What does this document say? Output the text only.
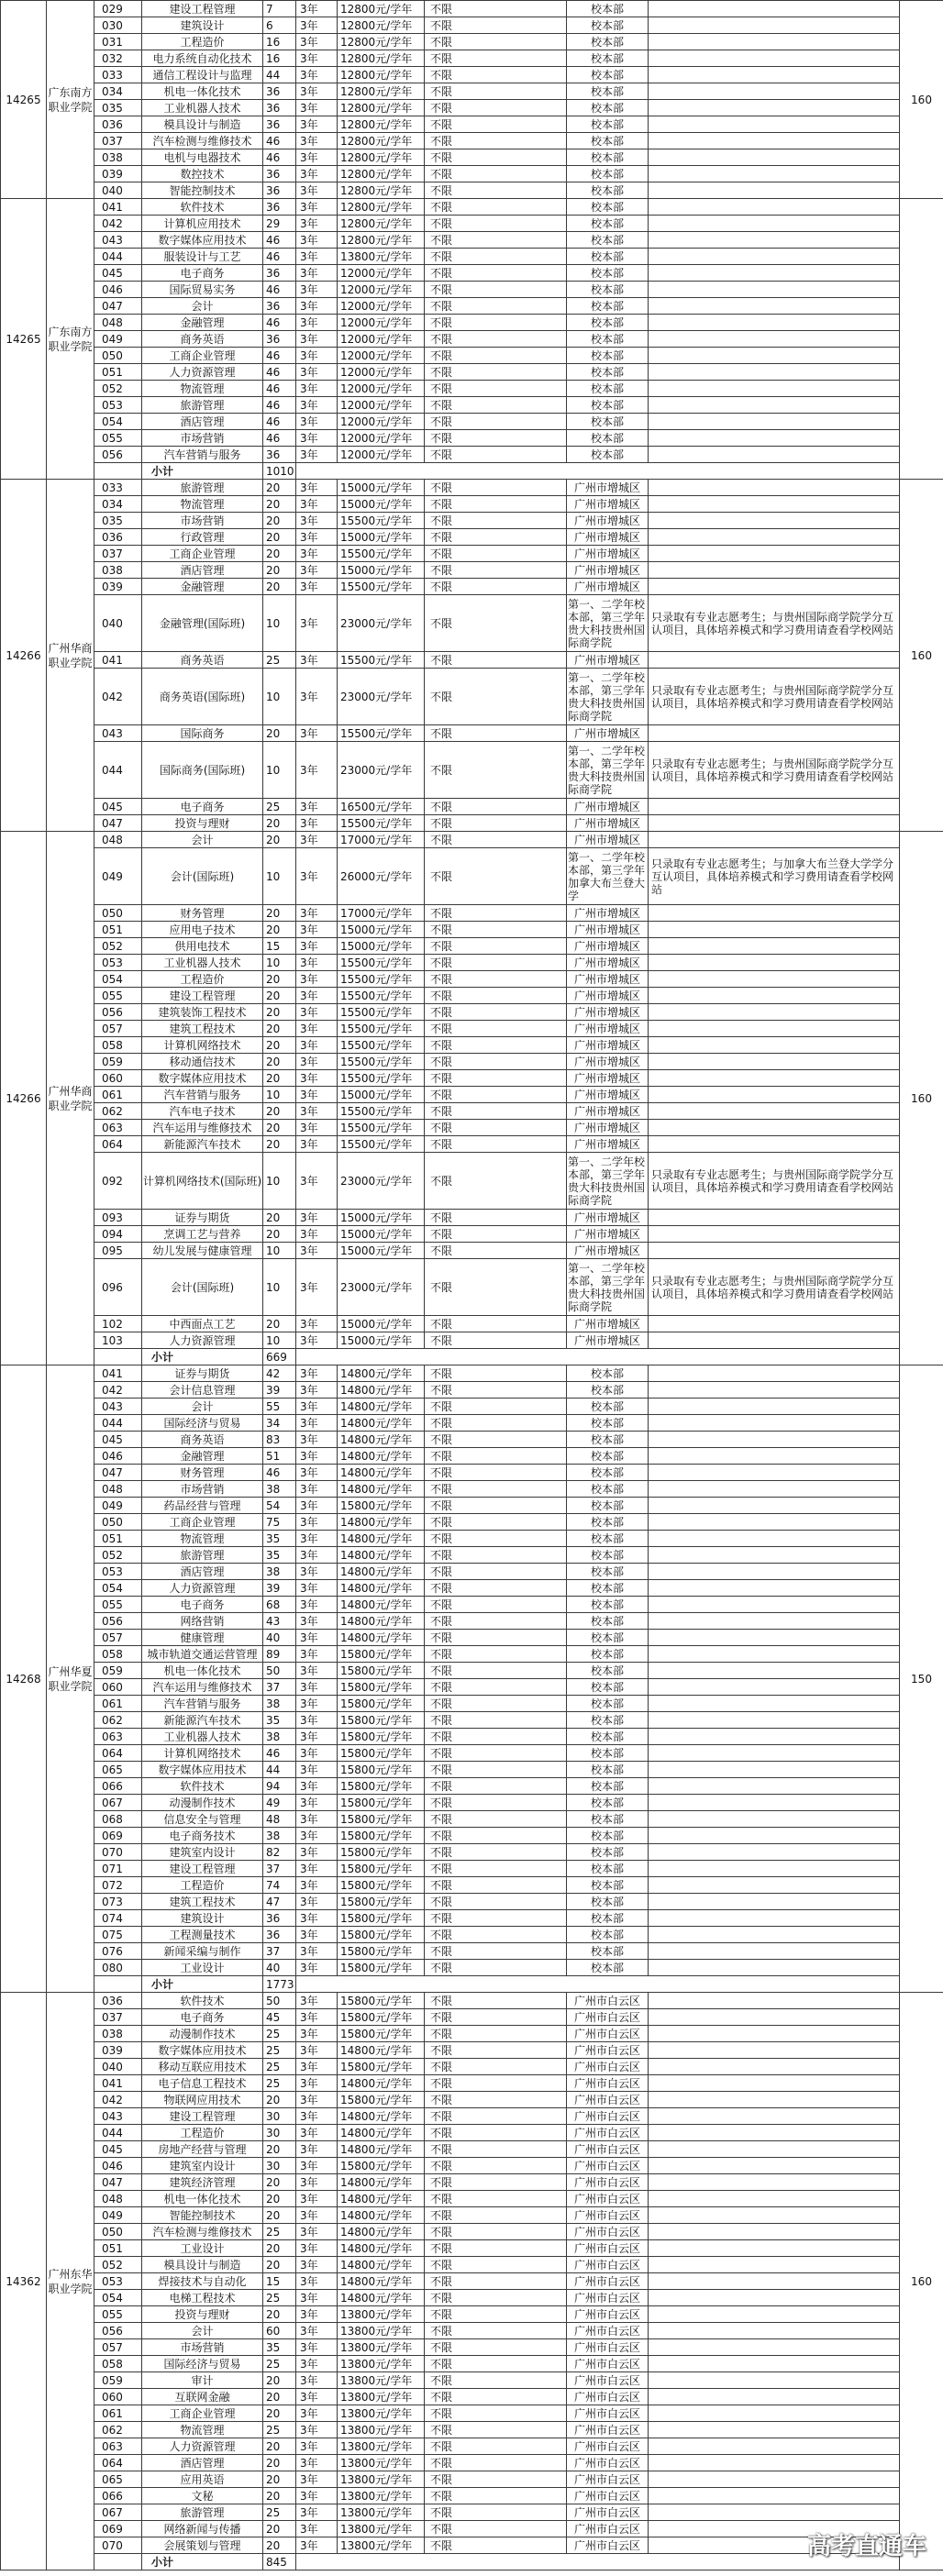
14265	广东南方职业学院	029	建设工程管理	7	3年	12800元/学年	不限	校本部		160
		030	建筑设计	6	3年	12800元/学年	不限	校本部		
		031	工程造价	16	3年	12800元/学年	不限	校本部		
		032	电力系统自动化技术	16	3年	12800元/学年	不限	校本部		
		033	通信工程设计与监理	44	3年	12800元/学年	不限	校本部		
		034	机电一体化技术	36	3年	12800元/学年	不限	校本部		
		035	工业机器人技术	36	3年	12800元/学年	不限	校本部		
		036	模具设计与制造	36	3年	12800元/学年	不限	校本部		
		037	汽车检测与维修技术	46	3年	12800元/学年	不限	校本部		
		038	电机与电器技术	46	3年	12800元/学年	不限	校本部		
		039	数控技术	36	3年	12800元/学年	不限	校本部		
		040	智能控制技术	36	3年	12800元/学年	不限	校本部		
14265	广东南方职业学院	041	软件技术	36	3年	12800元/学年	不限	校本部		
		042	计算机应用技术	29	3年	12800元/学年	不限	校本部		
		043	数字媒体应用技术	46	3年	12800元/学年	不限	校本部		
		044	服装设计与工艺	46	3年	13800元/学年	不限	校本部		
		045	电子商务	36	3年	12000元/学年	不限	校本部		
		046	国际贸易实务	46	3年	12000元/学年	不限	校本部		
		047	会计	36	3年	12000元/学年	不限	校本部		
		048	金融管理	46	3年	12000元/学年	不限	校本部		
		049	商务英语	36	3年	12000元/学年	不限	校本部		
		050	工商企业管理	46	3年	12000元/学年	不限	校本部		
		051	人力资源管理	46	3年	12000元/学年	不限	校本部		
		052	物流管理	46	3年	12000元/学年	不限	校本部		
		053	旅游管理	46	3年	12000元/学年	不限	校本部		
		054	酒店管理	46	3年	12000元/学年	不限	校本部		
		055	市场营销	46	3年	12000元/学年	不限	校本部		
		056	汽车营销与服务	36	3年	12000元/学年	不限	校本部		
			小计	1010						
14266	广州华商职业学院	033	旅游管理	20	3年	15000元/学年	不限	广州市增城区		160
		034	物流管理	20	3年	15000元/学年	不限	广州市增城区		
		035	市场营销	20	3年	15500元/学年	不限	广州市增城区		
		036	行政管理	20	3年	15000元/学年	不限	广州市增城区		
		037	工商企业管理	20	3年	15500元/学年	不限	广州市增城区		
		038	酒店管理	20	3年	15000元/学年	不限	广州市增城区		
		039	金融管理	20	3年	15500元/学年	不限	广州市增城区		
		040	金融管理(国际班)	10	3年	23000元/学年	不限	第一、二学年校本部，第三学年贵大科技贵州国际商学院	只录取有专业志愿考生；与贵州国际商学院学分互认项目，具体培养模式和学习费用请查看学校网站	
		041	商务英语	25	3年	15500元/学年	不限	广州市增城区		
		042	商务英语(国际班)	10	3年	23000元/学年	不限	第一、二学年校本部，第三学年贵大科技贵州国际商学院	只录取有专业志愿考生；与贵州国际商学院学分互认项目，具体培养模式和学习费用请查看学校网站	
		043	国际商务	20	3年	15500元/学年	不限	广州市增城区		
		044	国际商务(国际班)	10	3年	23000元/学年	不限	第一、二学年校本部，第三学年贵大科技贵州国际商学院	只录取有专业志愿考生；与贵州国际商学院学分互认项目，具体培养模式和学习费用请查看学校网站	
		045	电子商务	25	3年	16500元/学年	不限	广州市增城区		
		047	投资与理财	20	3年	15500元/学年	不限	广州市增城区		
14266	广州华商职业学院	048	会计	20	3年	17000元/学年	不限	广州市增城区		160
		049	会计(国际班)	10	3年	26000元/学年	不限	第一、二学年校本部，第三学年加拿大布兰登大学	只录取有专业志愿考生；与加拿大布兰登大学学分互认项目，具体培养模式和学习费用请查看学校网站	
		050	财务管理	20	3年	17000元/学年	不限	广州市增城区		
		051	应用电子技术	20	3年	15000元/学年	不限	广州市增城区		
		052	供用电技术	15	3年	15000元/学年	不限	广州市增城区		
		053	工业机器人技术	10	3年	15500元/学年	不限	广州市增城区		
		054	工程造价	20	3年	15500元/学年	不限	广州市增城区		
		055	建设工程管理	20	3年	15500元/学年	不限	广州市增城区		
		056	建筑装饰工程技术	20	3年	15500元/学年	不限	广州市增城区		
		057	建筑工程技术	20	3年	15500元/学年	不限	广州市增城区		
		058	计算机网络技术	20	3年	15500元/学年	不限	广州市增城区		
		059	移动通信技术	20	3年	15500元/学年	不限	广州市增城区		
		060	数字媒体应用技术	20	3年	15500元/学年	不限	广州市增城区		
		061	汽车营销与服务	10	3年	15000元/学年	不限	广州市增城区		
		062	汽车电子技术	20	3年	15500元/学年	不限	广州市增城区		
		063	汽车运用与维修技术	20	3年	15500元/学年	不限	广州市增城区		
		064	新能源汽车技术	20	3年	15500元/学年	不限	广州市增城区		
		092	计算机网络技术(国际班)	10	3年	23000元/学年	不限	第一、二学年校本部，第三学年贵大科技贵州国际商学院	只录取有专业志愿考生；与贵州国际商学院学分互认项目，具体培养模式和学习费用请查看学校网站	
		093	证券与期货	20	3年	15000元/学年	不限	广州市增城区		
		094	烹调工艺与营养	20	3年	15000元/学年	不限	广州市增城区		
		095	幼儿发展与健康管理	10	3年	15000元/学年	不限	广州市增城区		
		096	会计(国际班)	10	3年	23000元/学年	不限	第一、二学年校本部，第三学年贵大科技贵州国际商学院	只录取有专业志愿考生；与贵州国际商学院学分互认项目，具体培养模式和学习费用请查看学校网站	
		102	中西面点工艺	20	3年	15000元/学年	不限	广州市增城区		
		103	人力资源管理	10	3年	15000元/学年	不限	广州市增城区		
			小计	669						
14268	广州华夏职业学院	041	证券与期货	42	3年	14800元/学年	不限	校本部		150
		042	会计信息管理	39	3年	14800元/学年	不限	校本部		
		043	会计	55	3年	14800元/学年	不限	校本部		
		044	国际经济与贸易	34	3年	14800元/学年	不限	校本部		
		045	商务英语	83	3年	14800元/学年	不限	校本部		
		046	金融管理	51	3年	14800元/学年	不限	校本部		
		047	财务管理	46	3年	14800元/学年	不限	校本部		
		048	市场营销	38	3年	14800元/学年	不限	校本部		
		049	药品经营与管理	54	3年	15800元/学年	不限	校本部		
		050	工商企业管理	75	3年	14800元/学年	不限	校本部		
		051	物流管理	35	3年	14800元/学年	不限	校本部		
		052	旅游管理	35	3年	14800元/学年	不限	校本部		
		053	酒店管理	38	3年	14800元/学年	不限	校本部		
		054	人力资源管理	39	3年	14800元/学年	不限	校本部		
		055	电子商务	68	3年	14800元/学年	不限	校本部		
		056	网络营销	43	3年	14800元/学年	不限	校本部		
		057	健康管理	40	3年	14800元/学年	不限	校本部		
		058	城市轨道交通运营管理	89	3年	15800元/学年	不限	校本部		
		059	机电一体化技术	50	3年	15800元/学年	不限	校本部		
		060	汽车运用与维修技术	37	3年	15800元/学年	不限	校本部		
		061	汽车营销与服务	38	3年	15800元/学年	不限	校本部		
		062	新能源汽车技术	35	3年	15800元/学年	不限	校本部		
		063	工业机器人技术	38	3年	15800元/学年	不限	校本部		
		064	计算机网络技术	46	3年	15800元/学年	不限	校本部		
		065	数字媒体应用技术	44	3年	15800元/学年	不限	校本部		
		066	软件技术	94	3年	15800元/学年	不限	校本部		
		067	动漫制作技术	49	3年	15800元/学年	不限	校本部		
		068	信息安全与管理	48	3年	15800元/学年	不限	校本部		
		069	电子商务技术	38	3年	15800元/学年	不限	校本部		
		070	建筑室内设计	82	3年	15800元/学年	不限	校本部		
		071	建设工程管理	37	3年	15800元/学年	不限	校本部		
		072	工程造价	74	3年	15800元/学年	不限	校本部		
		073	建筑工程技术	47	3年	15800元/学年	不限	校本部		
		074	建筑设计	36	3年	15800元/学年	不限	校本部		
		075	工程测量技术	36	3年	15800元/学年	不限	校本部		
		076	新闻采编与制作	37	3年	15800元/学年	不限	校本部		
		080	工业设计	40	3年	15800元/学年	不限	校本部		
			小计	1773						
14362	广州东华职业学院	036	软件技术	50	3年	15800元/学年	不限	广州市白云区		160
		037	电子商务	45	3年	15800元/学年	不限	广州市白云区		
		038	动漫制作技术	25	3年	15800元/学年	不限	广州市白云区		
		039	数字媒体应用技术	25	3年	14800元/学年	不限	广州市白云区		
		040	移动互联应用技术	25	3年	15800元/学年	不限	广州市白云区		
		041	电子信息工程技术	25	3年	14800元/学年	不限	广州市白云区		
		042	物联网应用技术	20	3年	15800元/学年	不限	广州市白云区		
		043	建设工程管理	30	3年	14800元/学年	不限	广州市白云区		
		044	工程造价	30	3年	14800元/学年	不限	广州市白云区		
		045	房地产经营与管理	20	3年	14800元/学年	不限	广州市白云区		
		046	建筑室内设计	30	3年	15800元/学年	不限	广州市白云区		
		047	建筑经济管理	20	3年	14800元/学年	不限	广州市白云区		
		048	机电一体化技术	20	3年	14800元/学年	不限	广州市白云区		
		049	智能控制技术	20	3年	14800元/学年	不限	广州市白云区		
		050	汽车检测与维修技术	25	3年	14800元/学年	不限	广州市白云区		
		051	工业设计	20	3年	14800元/学年	不限	广州市白云区		
		052	模具设计与制造	20	3年	14800元/学年	不限	广州市白云区		
		053	焊接技术与自动化	15	3年	14800元/学年	不限	广州市白云区		
		054	电梯工程技术	25	3年	14800元/学年	不限	广州市白云区		
		055	投资与理财	20	3年	13800元/学年	不限	广州市白云区		
		056	会计	60	3年	13800元/学年	不限	广州市白云区		
		057	市场营销	35	3年	13800元/学年	不限	广州市白云区		
		058	国际经济与贸易	25	3年	13800元/学年	不限	广州市白云区		
		059	审计	20	3年	13800元/学年	不限	广州市白云区		
		060	互联网金融	20	3年	13800元/学年	不限	广州市白云区		
		061	工商企业管理	20	3年	13800元/学年	不限	广州市白云区		
		062	物流管理	25	3年	13800元/学年	不限	广州市白云区		
		063	人力资源管理	20	3年	13800元/学年	不限	广州市白云区		
		064	酒店管理	20	3年	13800元/学年	不限	广州市白云区		
		065	应用英语	20	3年	13800元/学年	不限	广州市白云区		
		066	文秘	20	3年	13800元/学年	不限	广州市白云区		
		067	旅游管理	25	3年	13800元/学年	不限	广州市白云区		
		069	网络新闻与传播	20	3年	13800元/学年	不限	广州市白云区		
		070	会展策划与管理	20	3年	13800元/学年	不限	广州市白云区		
			小计	845						
高考直通车
